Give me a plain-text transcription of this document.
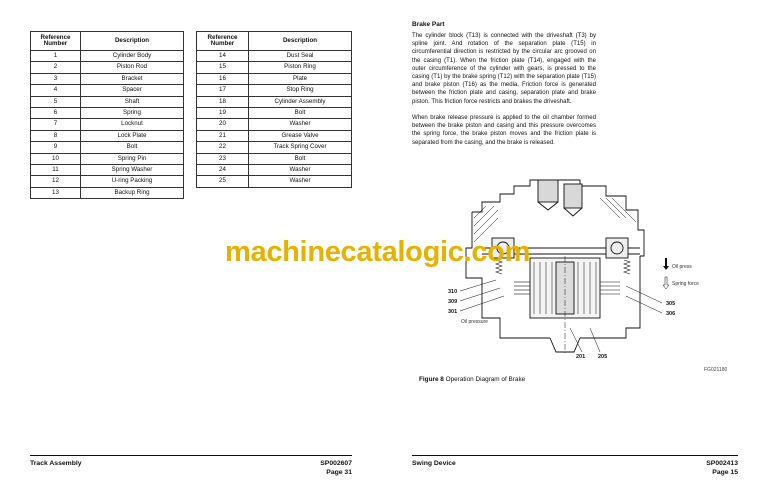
Reference Number	Description
1	Cylinder Body
2	Piston Rod
3	Bracket
4	Spacer
5	Shaft
6	Spring
7	Locknut
8	Lock Plate
9	Bolt
10	Spring Pin
11	Spring Washer
12	U-ring Packing
13	Backup Ring
Reference Number	Description
14	Dust Seal
15	Piston Ring
16	Plate
17	Stop Ring
18	Cylinder Assembly
19	Bolt
20	Washer
21	Grease Valve
22	Track Spring Cover
23	Bolt
24	Washer
25	Washer
Brake Part

The cylinder block (T13) is connected with the driveshaft (T3) by spline joint. And rotation of the separation plate (T15) in circumferential direction is restricted by the circular arc grooved on the casing (T1). When the friction plate (T14), engaged with the outer circumference of the cylinder with gears, is pressed to the casing (T1) by the brake spring (T12) with the separation plate (T15) and brake piston (T16) as the media, Friction force is generated between the friction plate and casing, separation plate and brake piston. This friction force restricts and brakes the driveshaft.

When brake release pressure is applied to the oil chamber formed between the brake piston and casing and this pressure overcomes the spring force, the brake piston moves and the friction plate is separated from the casing, and the brake is released.

310
309
301
Oil pressure
305
306
201 205
Oil press
Spring force
FG021180
Figure 8 Operation Diagram of Brake
machinecatalogic.com
Track Assembly	SP002607
Page 31
Swing Device	SP002413
Page 15
